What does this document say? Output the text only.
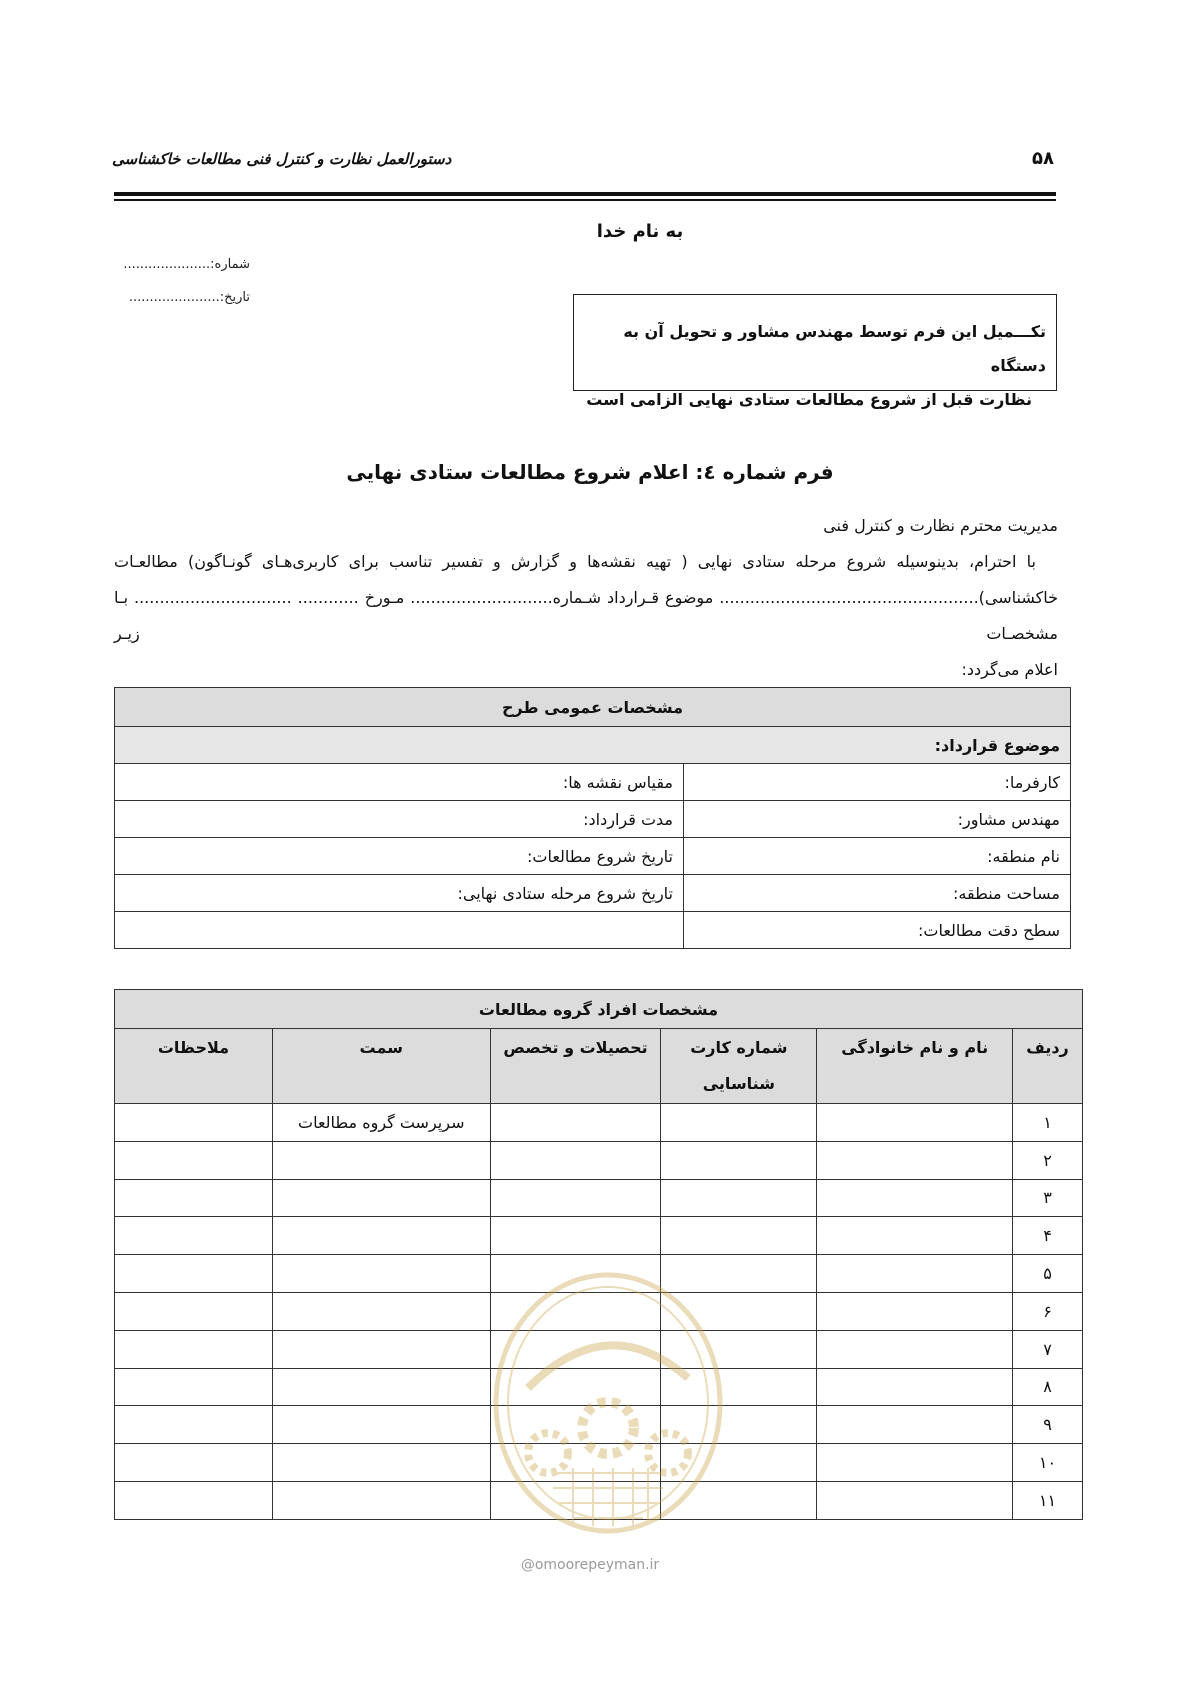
۵۸
دستورالعمل نظارت و کنترل فنی مطالعات خاکشناسی
به نام خدا
شماره:.....................
تاریخ:......................
تکـــمیل این فرم توسط مهندس مشاور و تحویل آن به دستگاه
نظارت قبل از شروع مطالعات ستادی نهایی الزامی است
فرم شماره ٤: اعلام شروع مطالعات ستادی نهایی
مدیریت محترم نظارت و کنترل فنی
با احترام، بدینوسیله شروع مرحله ستادی نهایی ( تهیه نقشه‌ها و گزارش و تفسیر تناسب برای کاربری‌هـای گونـاگون) مطالعـات
خاکشناسی)................................................... موضوع قـرارداد شـماره............................ مـورخ ............ ............................... بـا مشخصـات زیـر
اعلام می‌گردد:
مشخصات عمومی طرح	
موضوع قرارداد:	
کارفرما:	مقیاس نقشه ها:
مهندس مشاور:	مدت قرارداد:
نام منطقه:	تاریخ شروع مطالعات:
مساحت منطقه:	تاریخ شروع مرحله ستادی نهایی:
سطح دقت مطالعات:	
مشخصات افراد گروه مطالعات					
ردیف	نام و نام خانوادگی	شماره کارت شناسایی	تحصیلات و تخصص	سمت	ملاحظات
۱				سرپرست گروه مطالعات	
۲					
۳					
۴					
۵					
۶					
۷					
۸					
۹					
۱۰					
۱۱					
@omoorepeyman.ir
